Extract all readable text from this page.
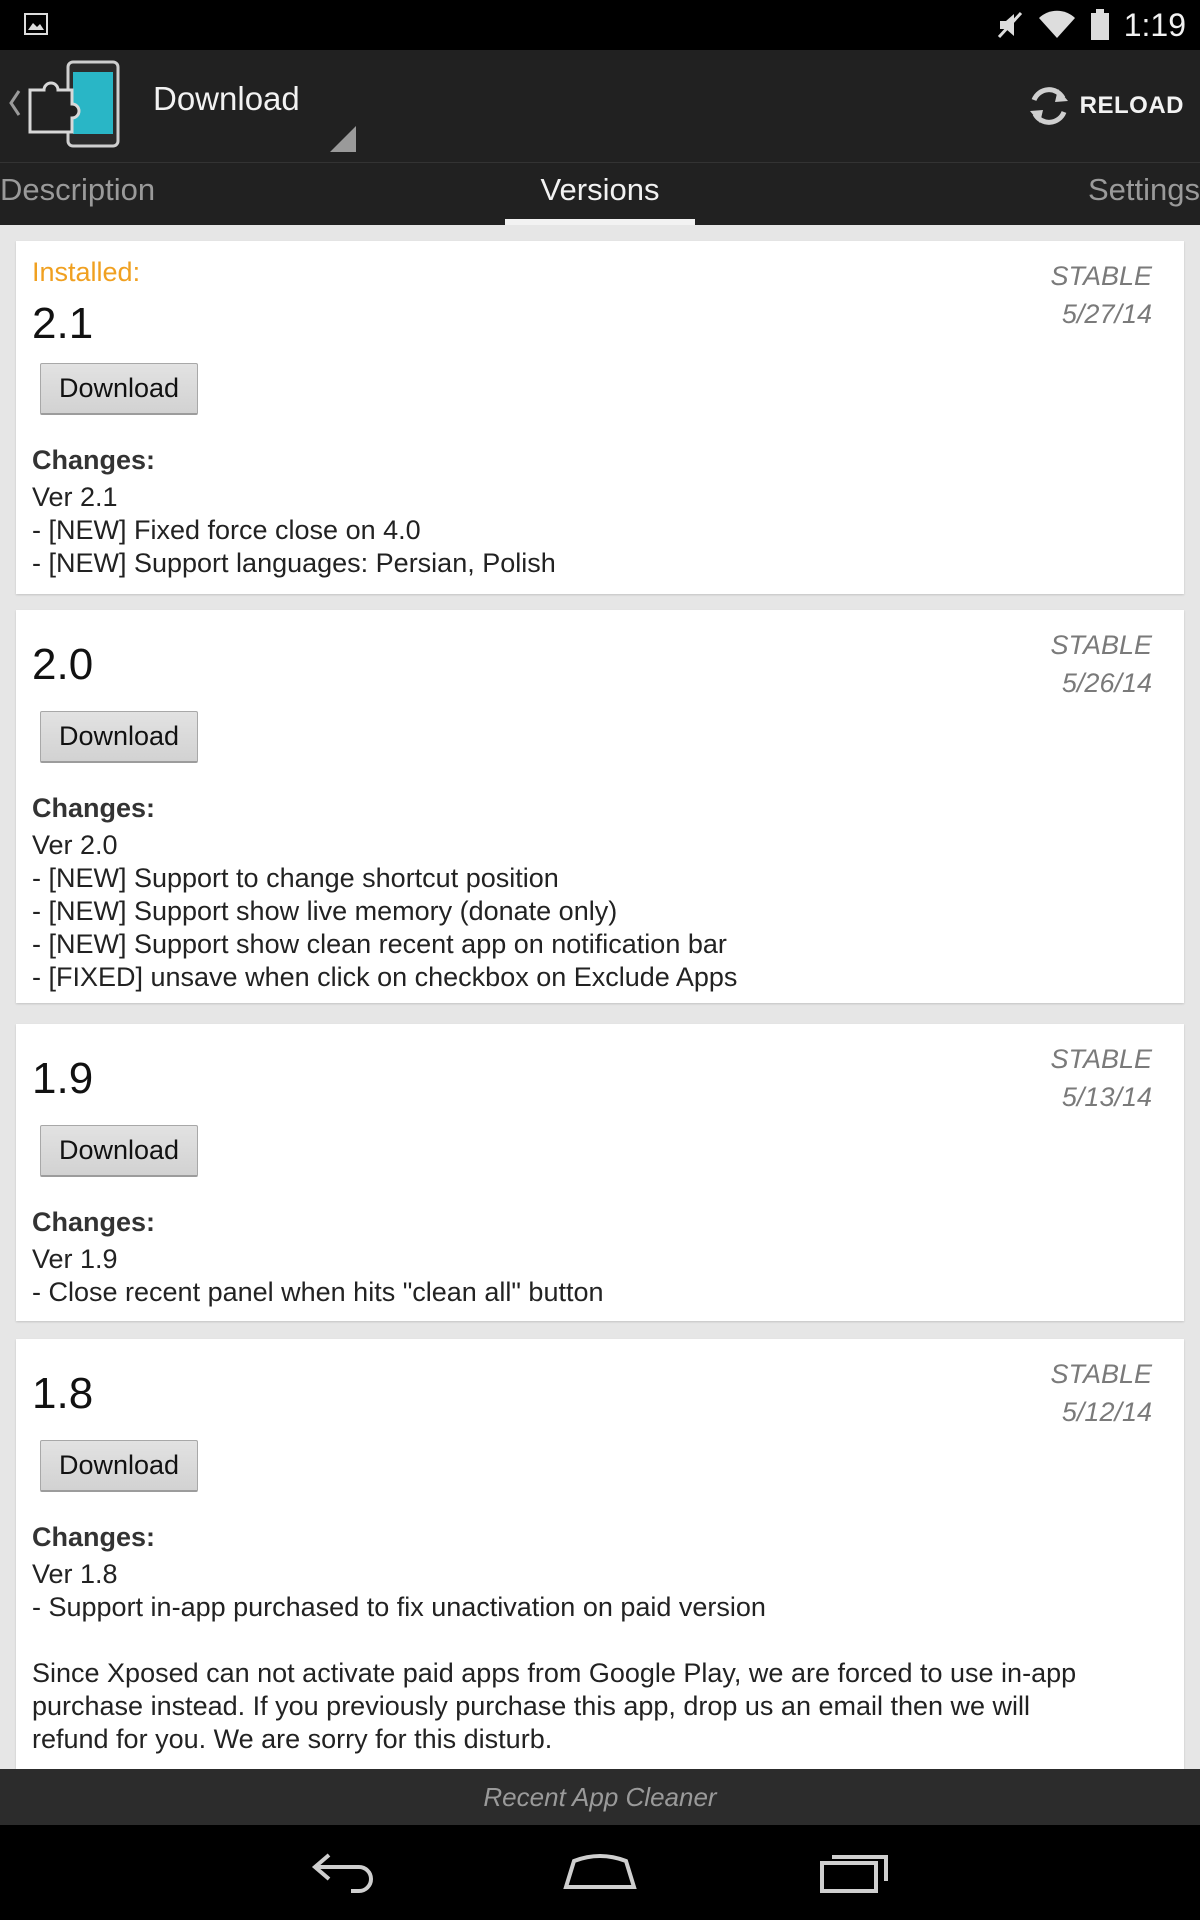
1:19
Download	RELOAD
Description	Versions	Settings
Installed:
2.1
STABLE
5/27/14
Download
Changes:
Ver 2.1
- [NEW] Fixed force close on 4.0
- [NEW] Support languages: Persian, Polish
2.0	STABLE
5/26/14
Download
Changes:
Ver 2.0
- [NEW] Support to change shortcut position
- [NEW] Support show live memory (donate only)
- [NEW] Support show clean recent app on notification bar
- [FIXED] unsave when click on checkbox on Exclude Apps
1.9	STABLE
5/13/14
Download
Changes:
Ver 1.9
- Close recent panel when hits "clean all" button
1.8	STABLE
5/12/14
Download
Changes:
Ver 1.8
- Support in-app purchased to fix unactivation on paid version
Since Xposed can not activate paid apps from Google Play, we are forced to use in-app
purchase instead. If you previously purchase this app, drop us an email then we will
refund for you. We are sorry for this disturb.
Recent App Cleaner
